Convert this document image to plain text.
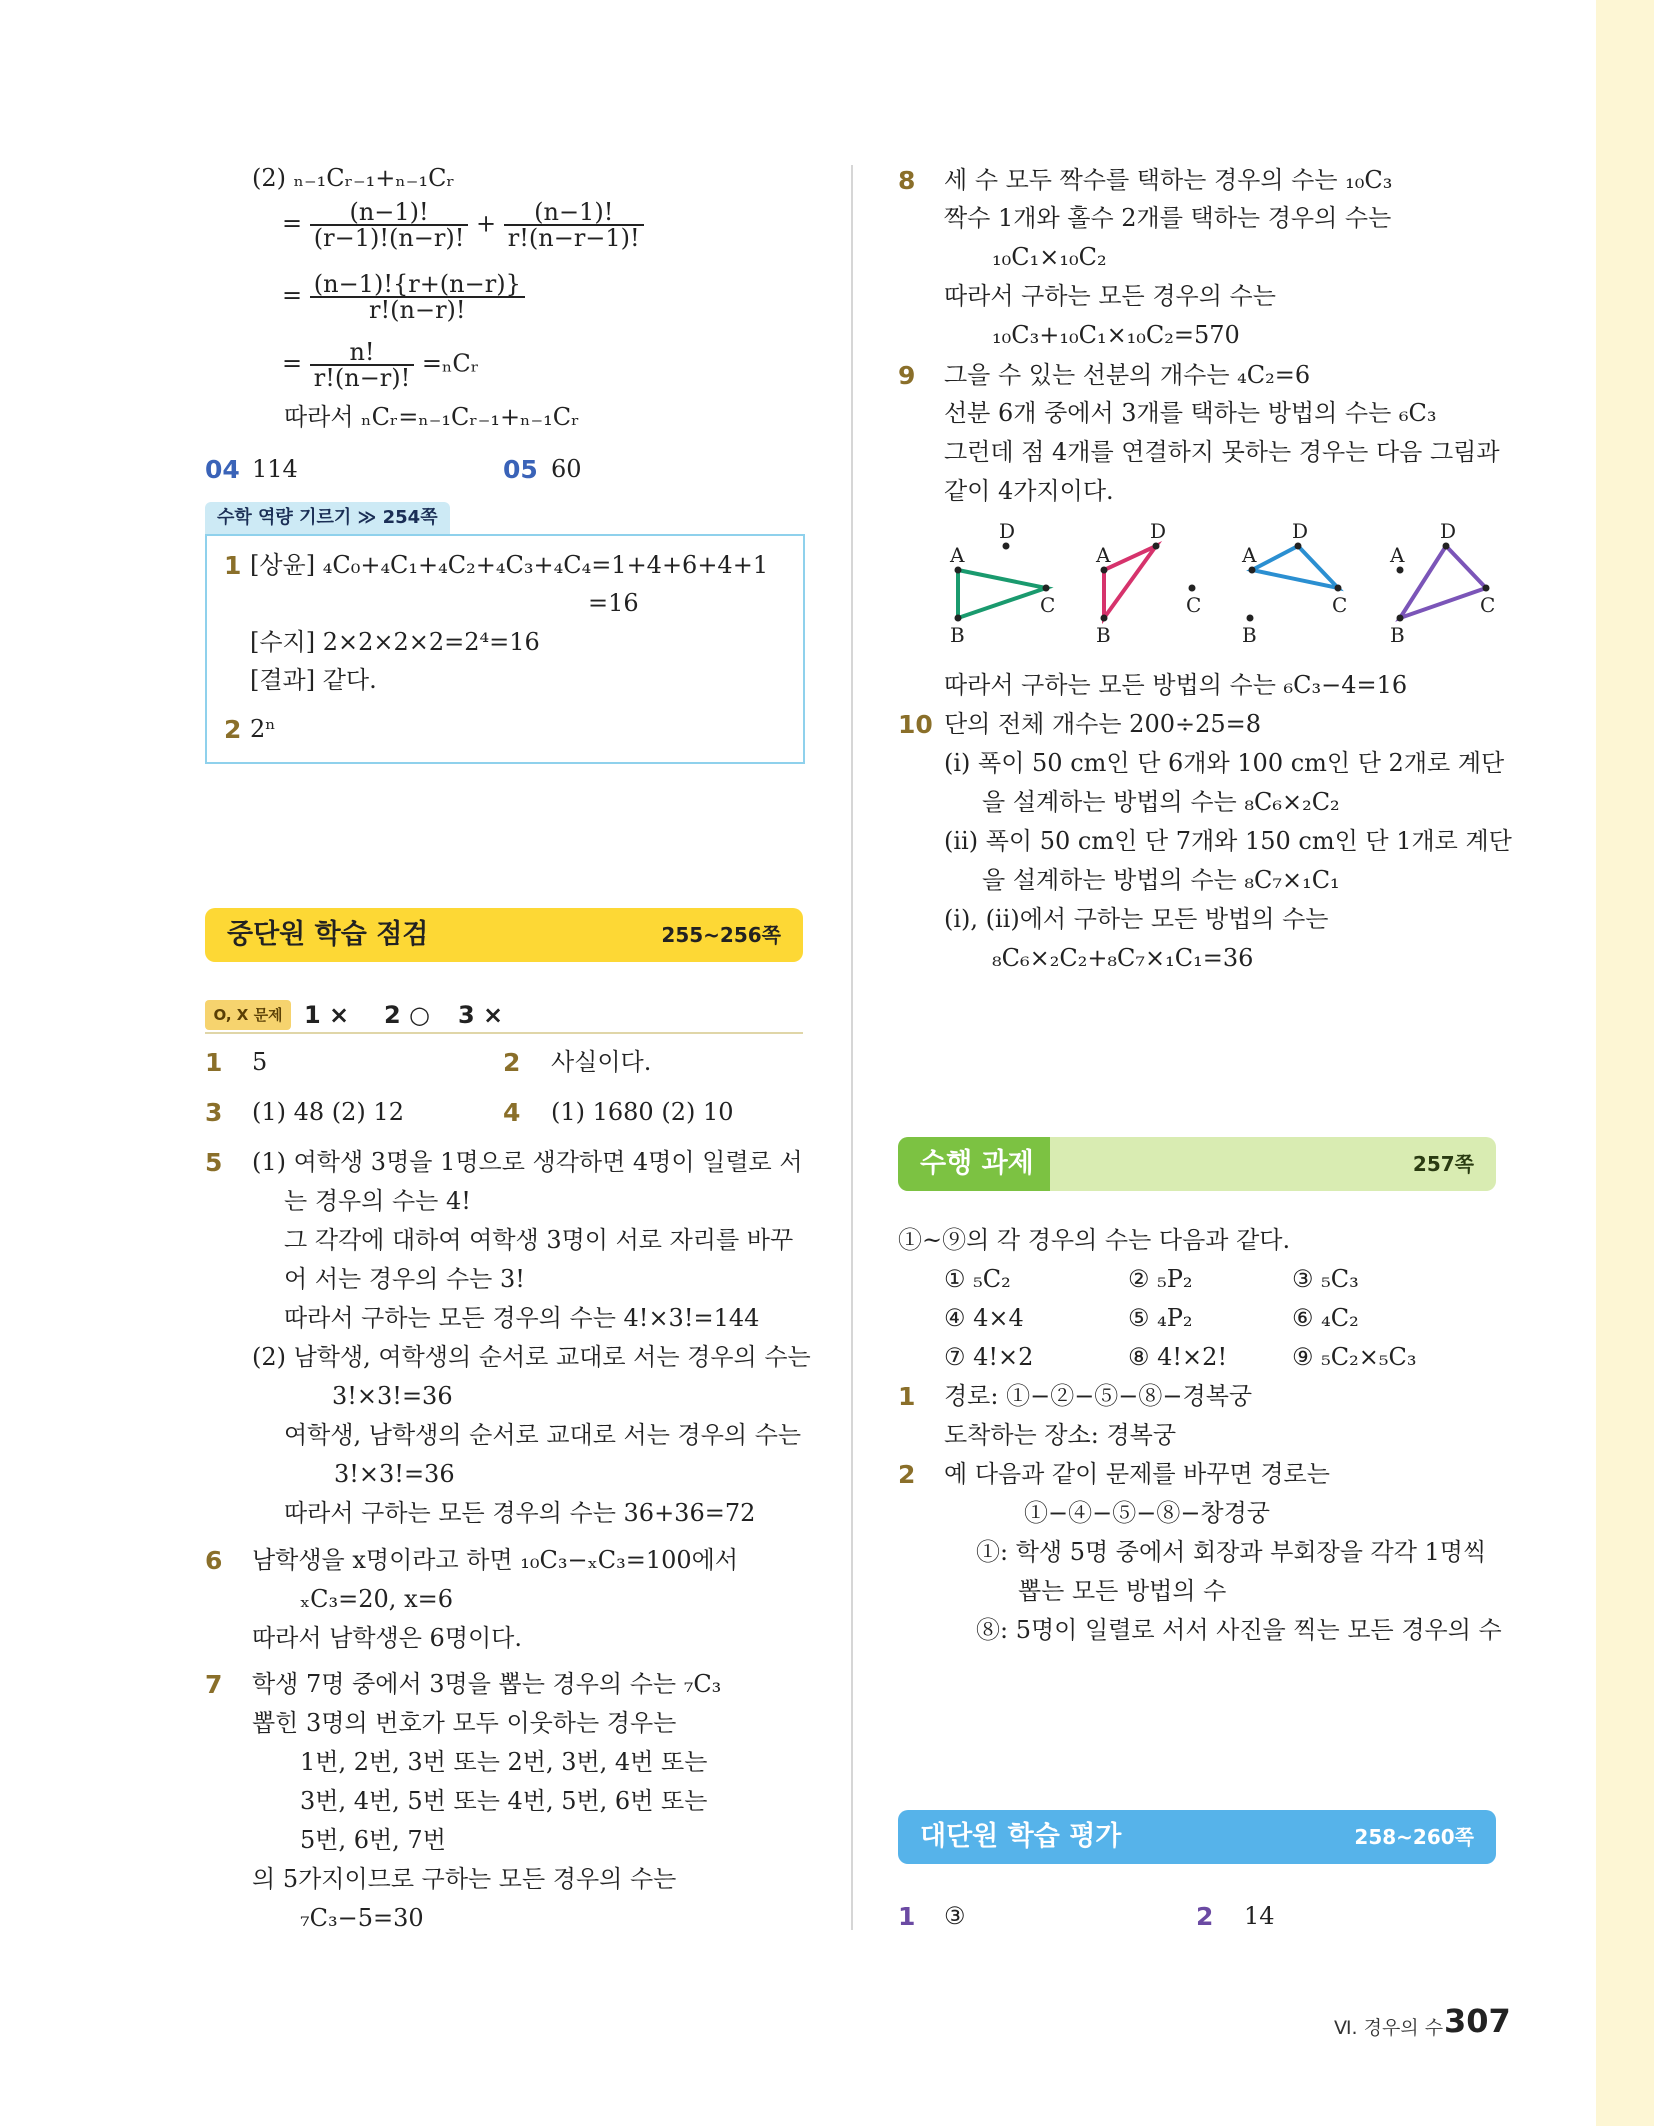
(2) ₙ₋₁Cᵣ₋₁+ₙ₋₁Cᵣ
= $\frac{(n-1)!}{(r-1)!(n-r)!} + \frac{(n-1)!}{r!(n-r-1)!}$
= $\frac{(n-1)!\{r+(n-r)\}}{r!(n-r)!}$
= $\frac{n!}{r!(n-r)!}$ =ₙCᵣ
따라서 ₙCᵣ=ₙ₋₁Cᵣ₋₁+ₙ₋₁Cᵣ
04 114	05 60
수학 역량 기르기 ≫ 254쪽
1 [상윤] ₄C₀+₄C₁+₄C₂+₄C₃+₄C₄=1+4+6+4+1
=16
[수지] 2×2×2×2=2⁴=16
[결과] 같다.
2 2ⁿ
중단원 학습 점검	255~256쪽
O, X 문제 1 × 2 ○ 3 ×
1 5	2 사실이다.
3 (1) 48 (2) 12	4 (1) 1680 (2) 10
5 (1) 여학생 3명을 1명으로 생각하면 4명이 일렬로 서
는 경우의 수는 4!
그 각각에 대하여 여학생 3명이 서로 자리를 바꾸
어 서는 경우의 수는 3!
따라서 구하는 모든 경우의 수는 4!×3!=144
(2) 남학생, 여학생의 순서로 교대로 서는 경우의 수는
3!×3!=36
여학생, 남학생의 순서로 교대로 서는 경우의 수는
3!×3!=36
따라서 구하는 모든 경우의 수는 36+36=72
6 남학생을 x명이라고 하면 ₁₀C₃−ₓC₃=100에서
ₓC₃=20, x=6
따라서 남학생은 6명이다.
7 학생 7명 중에서 3명을 뽑는 경우의 수는 ₇C₃
뽑힌 3명의 번호가 모두 이웃하는 경우는
1번, 2번, 3번 또는 2번, 3번, 4번 또는
3번, 4번, 5번 또는 4번, 5번, 6번 또는
5번, 6번, 7번
의 5가지이므로 구하는 모든 경우의 수는
₇C₃−5=30
8 세 수 모두 짝수를 택하는 경우의 수는 ₁₀C₃
짝수 1개와 홀수 2개를 택하는 경우의 수는
₁₀C₁×₁₀C₂
따라서 구하는 모든 경우의 수는
₁₀C₃+₁₀C₁×₁₀C₂=570
9 그을 수 있는 선분의 개수는 ₄C₂=6
선분 6개 중에서 3개를 택하는 방법의 수는 ₆C₃
그런데 점 4개를 연결하지 못하는 경우는 다음 그림과
같이 4가지이다.
A
B
C
D
A
B
C
D
A
B
C
D
A
B
C
D
따라서 구하는 모든 방법의 수는 ₆C₃−4=16
10 단의 전체 개수는 200÷25=8
(ⅰ) 폭이 50 cm인 단 6개와 100 cm인 단 2개로 계단
을 설계하는 방법의 수는 ₈C₆×₂C₂
(ⅱ) 폭이 50 cm인 단 7개와 150 cm인 단 1개로 계단
을 설계하는 방법의 수는 ₈C₇×₁C₁
(ⅰ), (ⅱ)에서 구하는 모든 방법의 수는
₈C₆×₂C₂+₈C₇×₁C₁=36
수행 과제	257쪽
①~⑨의 각 경우의 수는 다음과 같다.
① ₅C₂	② ₅P₂	③ ₅C₃
④ 4×4	⑤ ₄P₂	⑥ ₄C₂
⑦ 4!×2	⑧ 4!×2!	⑨ ₅C₂×₅C₃
1 경로: ①−②−⑤−⑧−경복궁
도착하는 장소: 경복궁
2 예 다음과 같이 문제를 바꾸면 경로는
①−④−⑤−⑧−창경궁
①: 학생 5명 중에서 회장과 부회장을 각각 1명씩
뽑는 모든 방법의 수
⑧: 5명이 일렬로 서서 사진을 찍는 모든 경우의 수
대단원 학습 평가	258~260쪽
1 ③	2 14
Ⅵ. 경우의 수 307
